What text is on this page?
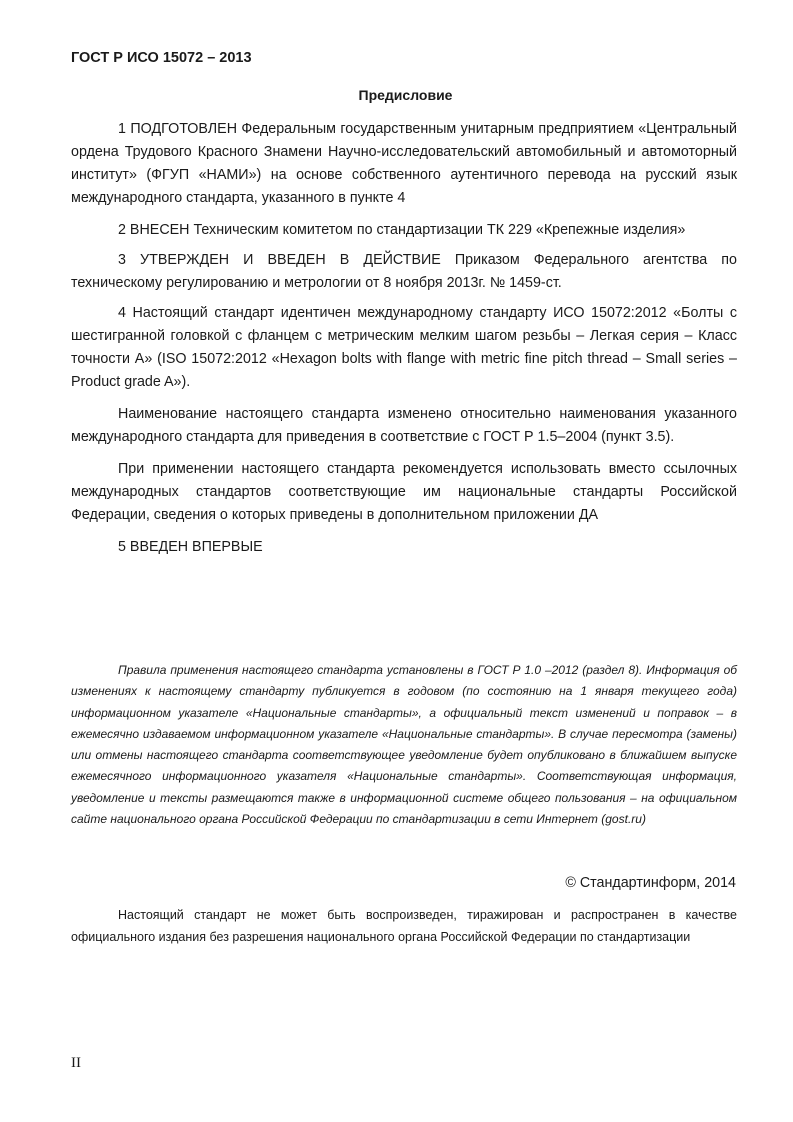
ГОСТ Р ИСО 15072 – 2013
Предисловие

1 ПОДГОТОВЛЕН Федеральным государственным унитарным предприятием «Центральный ордена Трудового Красного Знамени Научно-исследовательский автомобильный и автомоторный институт» (ФГУП «НАМИ») на основе собственного аутентичного перевода на русский язык международного стандарта, указанного в пункте 4

2 ВНЕСЕН Техническим комитетом по стандартизации ТК 229 «Крепежные изделия»

3 УТВЕРЖДЕН И ВВЕДЕН В ДЕЙСТВИЕ Приказом Федерального агентства по техническому регулированию и метрологии от 8 ноября 2013г. № 1459-ст.

4 Настоящий стандарт идентичен международному стандарту ИСО 15072:2012 «Болты с шестигранной головкой с фланцем с метрическим мелким шагом резьбы – Легкая серия – Класс точности А» (ISO 15072:2012 «Hexagon bolts with flange with metric fine pitch thread – Small series – Product grade A»).

Наименование настоящего стандарта изменено относительно наименования указанного международного стандарта для приведения в соответствие с ГОСТ Р 1.5–2004 (пункт 3.5).

При применении настоящего стандарта рекомендуется использовать вместо ссылочных международных стандартов соответствующие им национальные стандарты Российской Федерации, сведения о которых приведены в дополнительном приложении ДА

5 ВВЕДЕН ВПЕРВЫЕ

Правила применения настоящего стандарта установлены в ГОСТ Р 1.0 –2012 (раздел 8). Информация об изменениях к настоящему стандарту публикуется в годовом (по состоянию на 1 января текущего года) информационном указателе «Национальные стандарты», а официальный текст изменений и поправок – в ежемесячно издаваемом информационном указателе «Национальные стандарты». В случае пересмотра (замены) или отмены настоящего стандарта соответствующее уведомление будет опубликовано в ближайшем выпуске ежемесячного информационного указателя «Национальные стандарты». Соответствующая информация, уведомление и тексты размещаются также в информационной системе общего пользования – на официальном сайте национального органа Российской Федерации по стандартизации в сети Интернет (gost.ru)

© Стандартинформ, 2014

Настоящий стандарт не может быть воспроизведен, тиражирован и распространен в качестве официального издания без разрешения национального органа Российской Федерации по стандартизации

II
